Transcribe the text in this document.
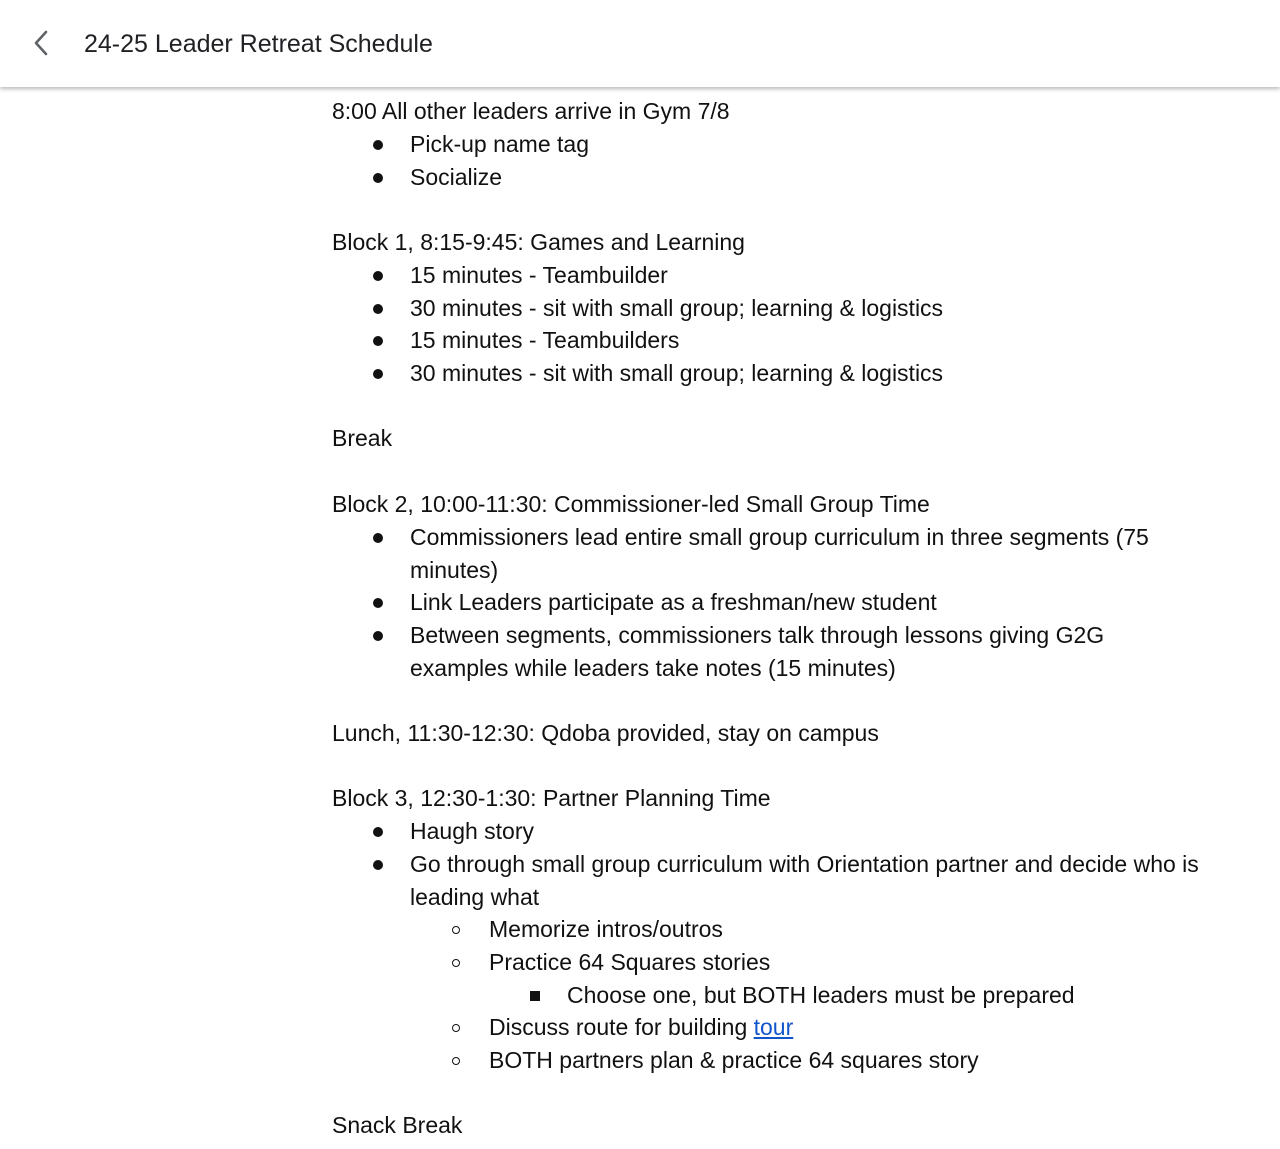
24-25 Leader Retreat Schedule
8:00 All other leaders arrive in Gym 7/8
Pick-up name tag
Socialize
Block 1, 8:15-9:45: Games and Learning
15 minutes - Teambuilder
30 minutes - sit with small group; learning & logistics
15 minutes - Teambuilders
30 minutes - sit with small group; learning & logistics
Break
Block 2, 10:00-11:30: Commissioner-led Small Group Time
Commissioners lead entire small group curriculum in three segments (75 minutes)
Link Leaders participate as a freshman/new student
Between segments, commissioners talk through lessons giving G2G examples while leaders take notes (15 minutes)
Lunch, 11:30-12:30: Qdoba provided, stay on campus
Block 3, 12:30-1:30: Partner Planning Time
Haugh story
Go through small group curriculum with Orientation partner and decide who is leading what
Memorize intros/outros
Practice 64 Squares stories
Choose one, but BOTH leaders must be prepared
Discuss route for building tour
BOTH partners plan & practice 64 squares story
Snack Break
